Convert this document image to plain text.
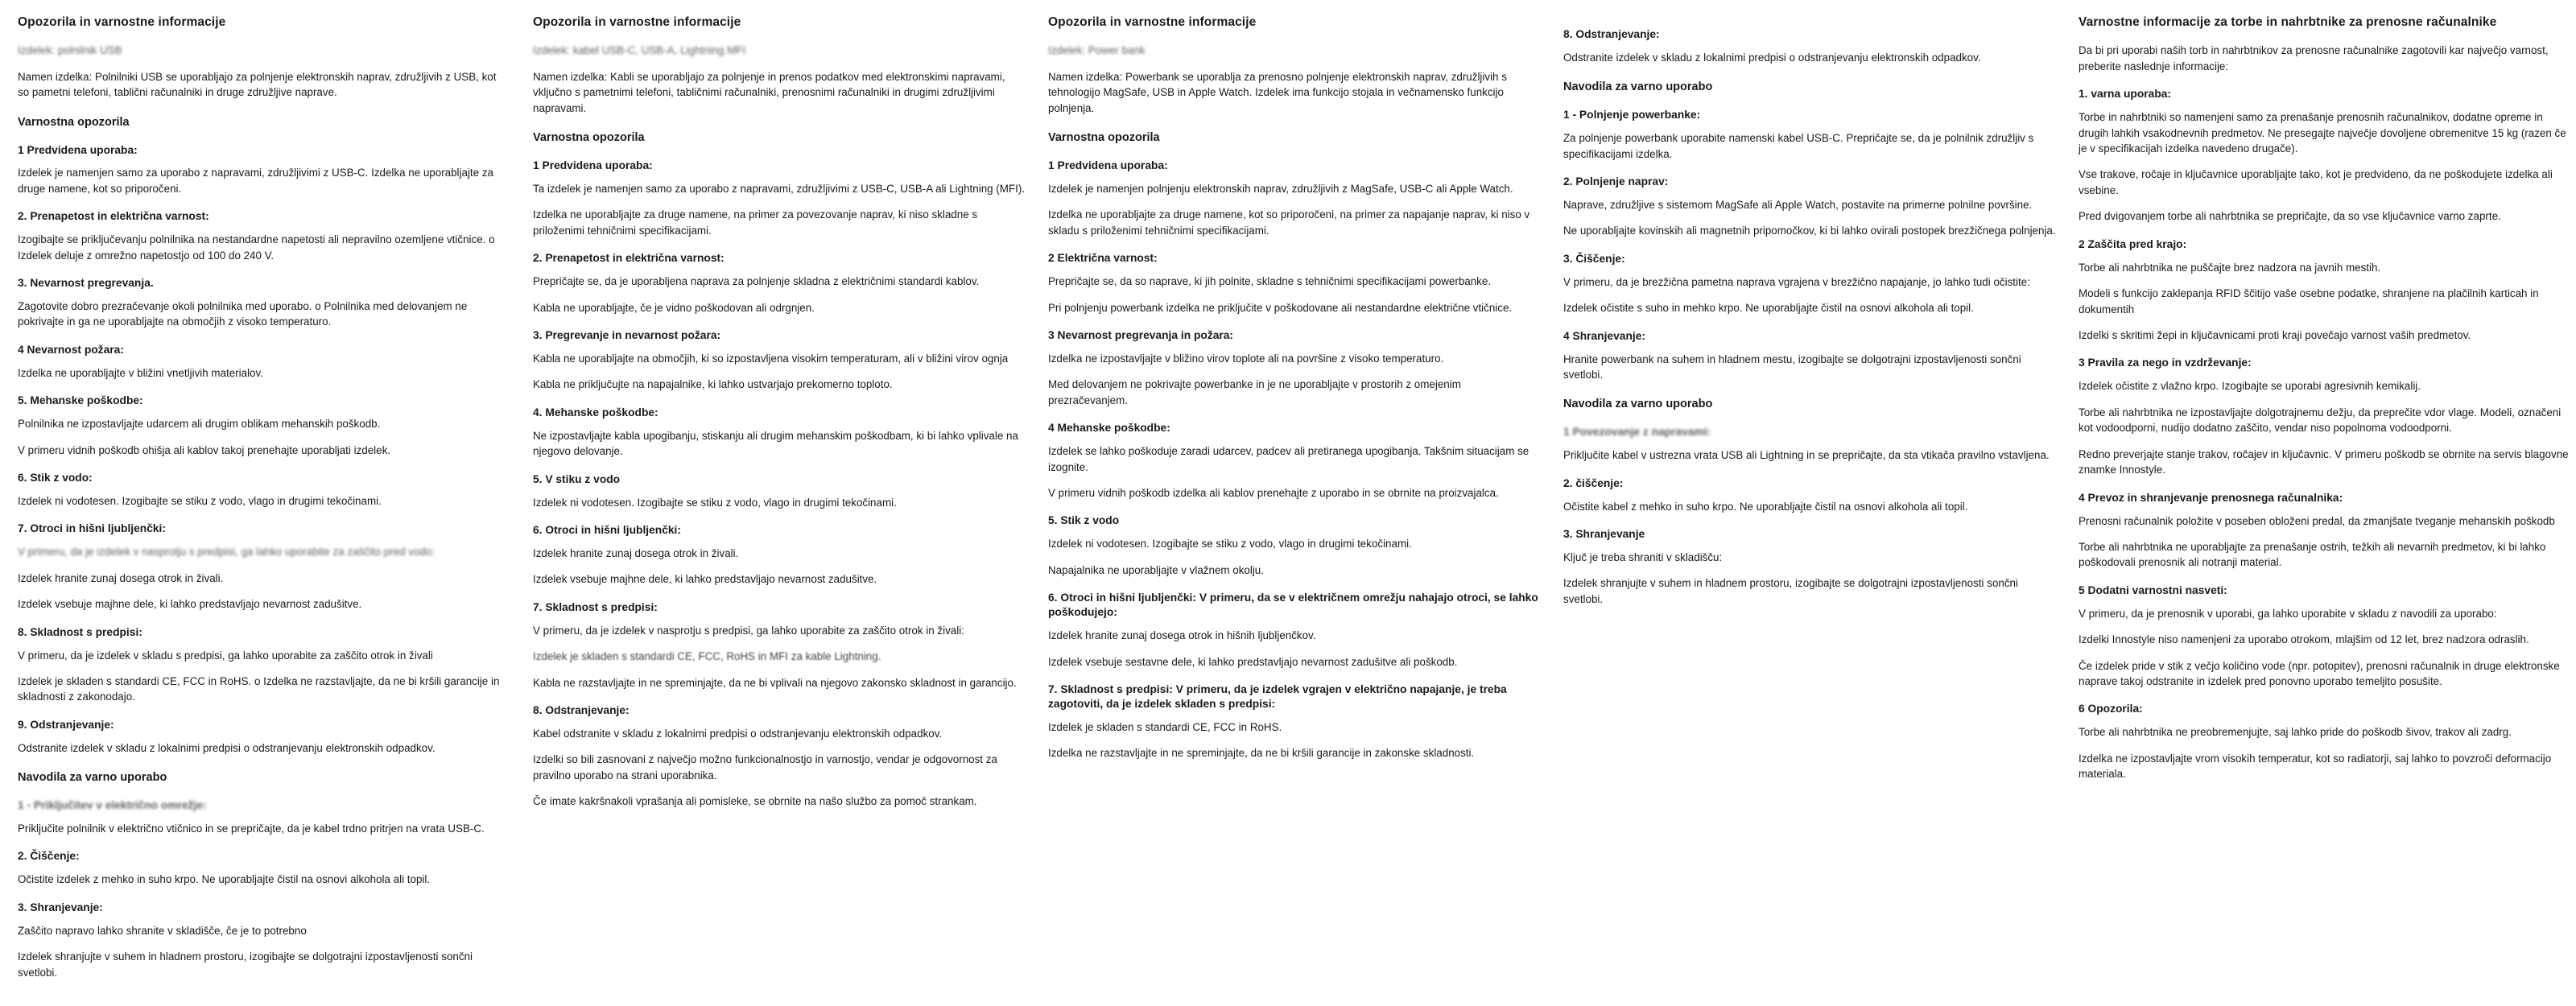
Opozorila in varnostne informacije

Izdelek: polnilnik USB

Namen izdelka: Polnilniki USB se uporabljajo za polnjenje elektronskih naprav, združljivih z USB, kot so pametni telefoni, tablični računalniki in druge združljive naprave.

Varnostna opozorila
1 Predvidena uporaba:

Izdelek je namenjen samo za uporabo z napravami, združljivimi z USB-C. Izdelka ne uporabljajte za druge namene, kot so priporočeni.

2. Prenapetost in električna varnost:

Izogibajte se priključevanju polnilnika na nestandardne napetosti ali nepravilno ozemljene vtičnice. o Izdelek deluje z omrežno napetostjo od 100 do 240 V.

3. Nevarnost pregrevanja.

Zagotovite dobro prezračevanje okoli polnilnika med uporabo. o Polnilnika med delovanjem ne pokrivajte in ga ne uporabljajte na območjih z visoko temperaturo.

4 Nevarnost požara:

Izdelka ne uporabljajte v bližini vnetljivih materialov.

5. Mehanske poškodbe:

Polnilnika ne izpostavljajte udarcem ali drugim oblikam mehanskih poškodb.

V primeru vidnih poškodb ohišja ali kablov takoj prenehajte uporabljati izdelek.

6. Stik z vodo:

Izdelek ni vodotesen. Izogibajte se stiku z vodo, vlago in drugimi tekočinami.

7. Otroci in hišni ljubljenčki:

V primeru, da je izdelek v nasprotju s predpisi, ga lahko uporabite za zaščito pred vodo:

Izdelek hranite zunaj dosega otrok in živali.

Izdelek vsebuje majhne dele, ki lahko predstavljajo nevarnost zadušitve.

8. Skladnost s predpisi:

V primeru, da je izdelek v skladu s predpisi, ga lahko uporabite za zaščito otrok in živali

Izdelek je skladen s standardi CE, FCC in RoHS. o Izdelka ne razstavljajte, da ne bi kršili garancije in skladnosti z zakonodajo.

9. Odstranjevanje:

Odstranite izdelek v skladu z lokalnimi predpisi o odstranjevanju elektronskih odpadkov.

Navodila za varno uporabo
1 - Priključitev v električno omrežje:

Priključite polnilnik v električno vtičnico in se prepričajte, da je kabel trdno pritrjen na vrata USB-C.

2. Čiščenje:

Očistite izdelek z mehko in suho krpo. Ne uporabljajte čistil na osnovi alkohola ali topil.

3. Shranjevanje:

Zaščito napravo lahko shranite v skladišče, če je to potrebno

Izdelek shranjujte v suhem in hladnem prostoru, izogibajte se dolgotrajni izpostavljenosti sončni svetlobi.

Opozorila in varnostne informacije

Izdelek: kabel USB-C, USB-A, Lightning MFI

Namen izdelka: Kabli se uporabljajo za polnjenje in prenos podatkov med elektronskimi napravami, vključno s pametnimi telefoni, tabličnimi računalniki, prenosnimi računalniki in drugimi združljivimi napravami.

Varnostna opozorila
1 Predvidena uporaba:

Ta izdelek je namenjen samo za uporabo z napravami, združljivimi z USB-C, USB-A ali Lightning (MFI).

Izdelka ne uporabljajte za druge namene, na primer za povezovanje naprav, ki niso skladne s priloženimi tehničnimi specifikacijami.

2. Prenapetost in električna varnost:

Prepričajte se, da je uporabljena naprava za polnjenje skladna z električnimi standardi kablov.

Kabla ne uporabljajte, če je vidno poškodovan ali odrgnjen.

3. Pregrevanje in nevarnost požara:

Kabla ne uporabljajte na območjih, ki so izpostavljena visokim temperaturam, ali v bližini virov ognja

Kabla ne priključujte na napajalnike, ki lahko ustvarjajo prekomerno toploto.

4. Mehanske poškodbe:

Ne izpostavljajte kabla upogibanju, stiskanju ali drugim mehanskim poškodbam, ki bi lahko vplivale na njegovo delovanje.

5. V stiku z vodo

Izdelek ni vodotesen. Izogibajte se stiku z vodo, vlago in drugimi tekočinami.

6. Otroci in hišni ljubljenčki:

Izdelek hranite zunaj dosega otrok in živali.

Izdelek vsebuje majhne dele, ki lahko predstavljajo nevarnost zadušitve.

7. Skladnost s predpisi:

V primeru, da je izdelek v nasprotju s predpisi, ga lahko uporabite za zaščito otrok in živali:

Izdelek je skladen s standardi CE, FCC, RoHS in MFI za kable Lightning.

Kabla ne razstavljajte in ne spreminjajte, da ne bi vplivali na njegovo zakonsko skladnost in garancijo.

8. Odstranjevanje:

Kabel odstranite v skladu z lokalnimi predpisi o odstranjevanju elektronskih odpadkov.

Izdelki so bili zasnovani z največjo možno funkcionalnostjo in varnostjo, vendar je odgovornost za pravilno uporabo na strani uporabnika.

Če imate kakršnakoli vprašanja ali pomisleke, se obrnite na našo službo za pomoč strankam.

Opozorila in varnostne informacije

Izdelek: Power bank

Namen izdelka: Powerbank se uporablja za prenosno polnjenje elektronskih naprav, združljivih s tehnologijo MagSafe, USB in Apple Watch. Izdelek ima funkcijo stojala in večnamensko funkcijo polnjenja.

Varnostna opozorila
1 Predvidena uporaba:

Izdelek je namenjen polnjenju elektronskih naprav, združljivih z MagSafe, USB-C ali Apple Watch.

Izdelka ne uporabljajte za druge namene, kot so priporočeni, na primer za napajanje naprav, ki niso v skladu s priloženimi tehničnimi specifikacijami.

2 Električna varnost:

Prepričajte se, da so naprave, ki jih polnite, skladne s tehničnimi specifikacijami powerbanke.

Pri polnjenju powerbank izdelka ne priključite v poškodovane ali nestandardne električne vtičnice.

3 Nevarnost pregrevanja in požara:

Izdelka ne izpostavljajte v bližino virov toplote ali na površine z visoko temperaturo.

Med delovanjem ne pokrivajte powerbanke in je ne uporabljajte v prostorih z omejenim prezračevanjem.

4 Mehanske poškodbe:

Izdelek se lahko poškoduje zaradi udarcev, padcev ali pretiranega upogibanja. Takšnim situacijam se izognite.

V primeru vidnih poškodb izdelka ali kablov prenehajte z uporabo in se obrnite na proizvajalca.

5. Stik z vodo

Izdelek ni vodotesen. Izogibajte se stiku z vodo, vlago in drugimi tekočinami.

Napajalnika ne uporabljajte v vlažnem okolju.

6. Otroci in hišni ljubljenčki: V primeru, da se v električnem omrežju nahajajo otroci, se lahko poškodujejo:

Izdelek hranite zunaj dosega otrok in hišnih ljubljenčkov.

Izdelek vsebuje sestavne dele, ki lahko predstavljajo nevarnost zadušitve ali poškodb.

7. Skladnost s predpisi: V primeru, da je izdelek vgrajen v električno napajanje, je treba zagotoviti, da je izdelek skladen s predpisi:

Izdelek je skladen s standardi CE, FCC in RoHS.

Izdelka ne razstavljajte in ne spreminjajte, da ne bi kršili garancije in zakonske skladnosti.

8. Odstranjevanje:

Odstranite izdelek v skladu z lokalnimi predpisi o odstranjevanju elektronskih odpadkov.

Navodila za varno uporabo
1 - Polnjenje powerbanke:

Za polnjenje powerbank uporabite namenski kabel USB-C. Prepričajte se, da je polnilnik združljiv s specifikacijami izdelka.

2. Polnjenje naprav:

Naprave, združljive s sistemom MagSafe ali Apple Watch, postavite na primerne polnilne površine.

Ne uporabljajte kovinskih ali magnetnih pripomočkov, ki bi lahko ovirali postopek brezžičnega polnjenja.

3. Čiščenje:

V primeru, da je brezžična pametna naprava vgrajena v brezžično napajanje, jo lahko tudi očistite:

Izdelek očistite s suho in mehko krpo. Ne uporabljajte čistil na osnovi alkohola ali topil.

4 Shranjevanje:

Hranite powerbank na suhem in hladnem mestu, izogibajte se dolgotrajni izpostavljenosti sončni svetlobi.

Navodila za varno uporabo
1 Povezovanje z napravami:

Priključite kabel v ustrezna vrata USB ali Lightning in se prepričajte, da sta vtikača pravilno vstavljena.

2. čiščenje:

Očistite kabel z mehko in suho krpo. Ne uporabljajte čistil na osnovi alkohola ali topil.

3. Shranjevanje

Ključ je treba shraniti v skladišču:

Izdelek shranjujte v suhem in hladnem prostoru, izogibajte se dolgotrajni izpostavljenosti sončni svetlobi.

Varnostne informacije za torbe in nahrbtnike za prenosne računalnike

Da bi pri uporabi naših torb in nahrbtnikov za prenosne računalnike zagotovili kar največjo varnost, preberite naslednje informacije:

1. varna uporaba:

Torbe in nahrbtniki so namenjeni samo za prenašanje prenosnih računalnikov, dodatne opreme in drugih lahkih vsakodnevnih predmetov. Ne presegajte največje dovoljene obremenitve 15 kg (razen če je v specifikacijah izdelka navedeno drugače).

Vse trakove, ročaje in ključavnice uporabljajte tako, kot je predvideno, da ne poškodujete izdelka ali vsebine.

Pred dvigovanjem torbe ali nahrbtnika se prepričajte, da so vse ključavnice varno zaprte.

2 Zaščita pred krajo:

Torbe ali nahrbtnika ne puščajte brez nadzora na javnih mestih.

Modeli s funkcijo zaklepanja RFID ščitijo vaše osebne podatke, shranjene na plačilnih karticah in dokumentih

Izdelki s skritimi žepi in ključavnicami proti kraji povečajo varnost vaših predmetov.

3 Pravila za nego in vzdrževanje:

Izdelek očistite z vlažno krpo. Izogibajte se uporabi agresivnih kemikalij.

Torbe ali nahrbtnika ne izpostavljajte dolgotrajnemu dežju, da preprečite vdor vlage. Modeli, označeni kot vodoodporni, nudijo dodatno zaščito, vendar niso popolnoma vodoodporni.

Redno preverjajte stanje trakov, ročajev in ključavnic. V primeru poškodb se obrnite na servis blagovne znamke Innostyle.

4 Prevoz in shranjevanje prenosnega računalnika:

Prenosni računalnik položite v poseben obloženi predal, da zmanjšate tveganje mehanskih poškodb

Torbe ali nahrbtnika ne uporabljajte za prenašanje ostrih, težkih ali nevarnih predmetov, ki bi lahko poškodovali prenosnik ali notranji material.

5 Dodatni varnostni nasveti:

V primeru, da je prenosnik v uporabi, ga lahko uporabite v skladu z navodili za uporabo:

Izdelki Innostyle niso namenjeni za uporabo otrokom, mlajšim od 12 let, brez nadzora odraslih.

Če izdelek pride v stik z večjo količino vode (npr. potopitev), prenosni računalnik in druge elektronske naprave takoj odstranite in izdelek pred ponovno uporabo temeljito posušite.

6 Opozorila:

Torbe ali nahrbtnika ne preobremenjujte, saj lahko pride do poškodb šivov, trakov ali zadrg.

Izdelka ne izpostavljajte vrom visokih temperatur, kot so radiatorji, saj lahko to povzroči deformacijo materiala.
